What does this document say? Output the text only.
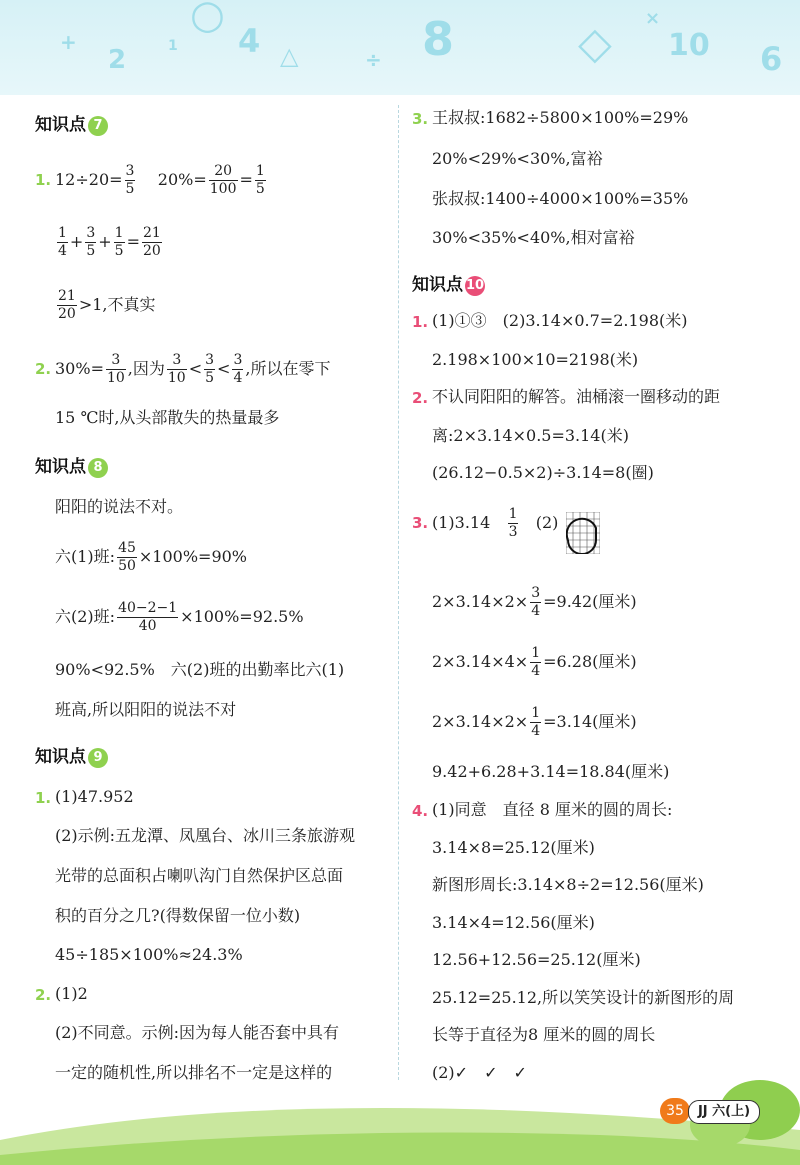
2	1 4	8	10 6
+
÷
×
△
○
◇
知识点 7
1. $12\div 20= \frac{3}{5} 20\%= \frac{20}{100} = \frac{1}{5}$
$\frac{1}{4} + \frac{3}{5} + \frac{1}{5} = \frac{21}{20}$
$\frac{21}{20} >1$,不真实
2. $30\%= \frac{3}{10}$ ,因为 $\frac{3}{10} < \frac{3}{5} < \frac{3}{4}$ ,所以在零下
15 ℃时,从头部散失的热量最多
知识点 8
阳阳的说法不对。
六(1)班: $\frac{45}{50} \times 100\%=90\%$
六(2)班: $\frac{40-2-1}{40} \times 100\%=92.5\%$
90%<92.5%　六(2)班的出勤率比六(1)
班高,所以阳阳的说法不对
知识点 9
1. (1)47.952
(2)示例:五龙潭、凤凰台、冰川三条旅游观
光带的总面积占喇叭沟门自然保护区总面
积的百分之几?(得数保留一位小数)
45÷185×100%≈24.3%
2. (1)2
(2)不同意。示例:因为每人能否套中具有
一定的随机性,所以排名不一定是这样的
3. 王叔叔:1682÷5800×100%=29%
20%<29%<30%,富裕
张叔叔:1400÷4000×100%=35%
30%<35%<40%,相对富裕
知识点 10
1. (1)①③　(2)3.14×0.7=2.198(米)
2.198×100×10=2198(米)
2. 不认同阳阳的解答。油桶滚一圈移动的距
离:2×3.14×0.5=3.14(米)
(26.12−0.5×2)÷3.14=8(圈)
3. $(1)3.14 \frac{1}{3} (2)$
$2\times 3.14\times 2\times \frac{3}{4} =9.42$(厘米)
$2\times 3.14\times 4\times \frac{1}{4} =6.28$(厘米)
$2\times 3.14\times 2\times \frac{1}{4} =3.14$(厘米)
9.42+6.28+3.14=18.84(厘米)
4. (1)同意　直径 8 厘米的圆的周长:
3.14×8=25.12(厘米)
新图形周长:3.14×8÷2=12.56(厘米)
3.14×4=12.56(厘米)
12.56+12.56=25.12(厘米)
25.12=25.12,所以笑笑设计的新图形的周
长等于直径为8 厘米的圆的周长
(2)✓　✓　✓
35	JJ 六(上)
